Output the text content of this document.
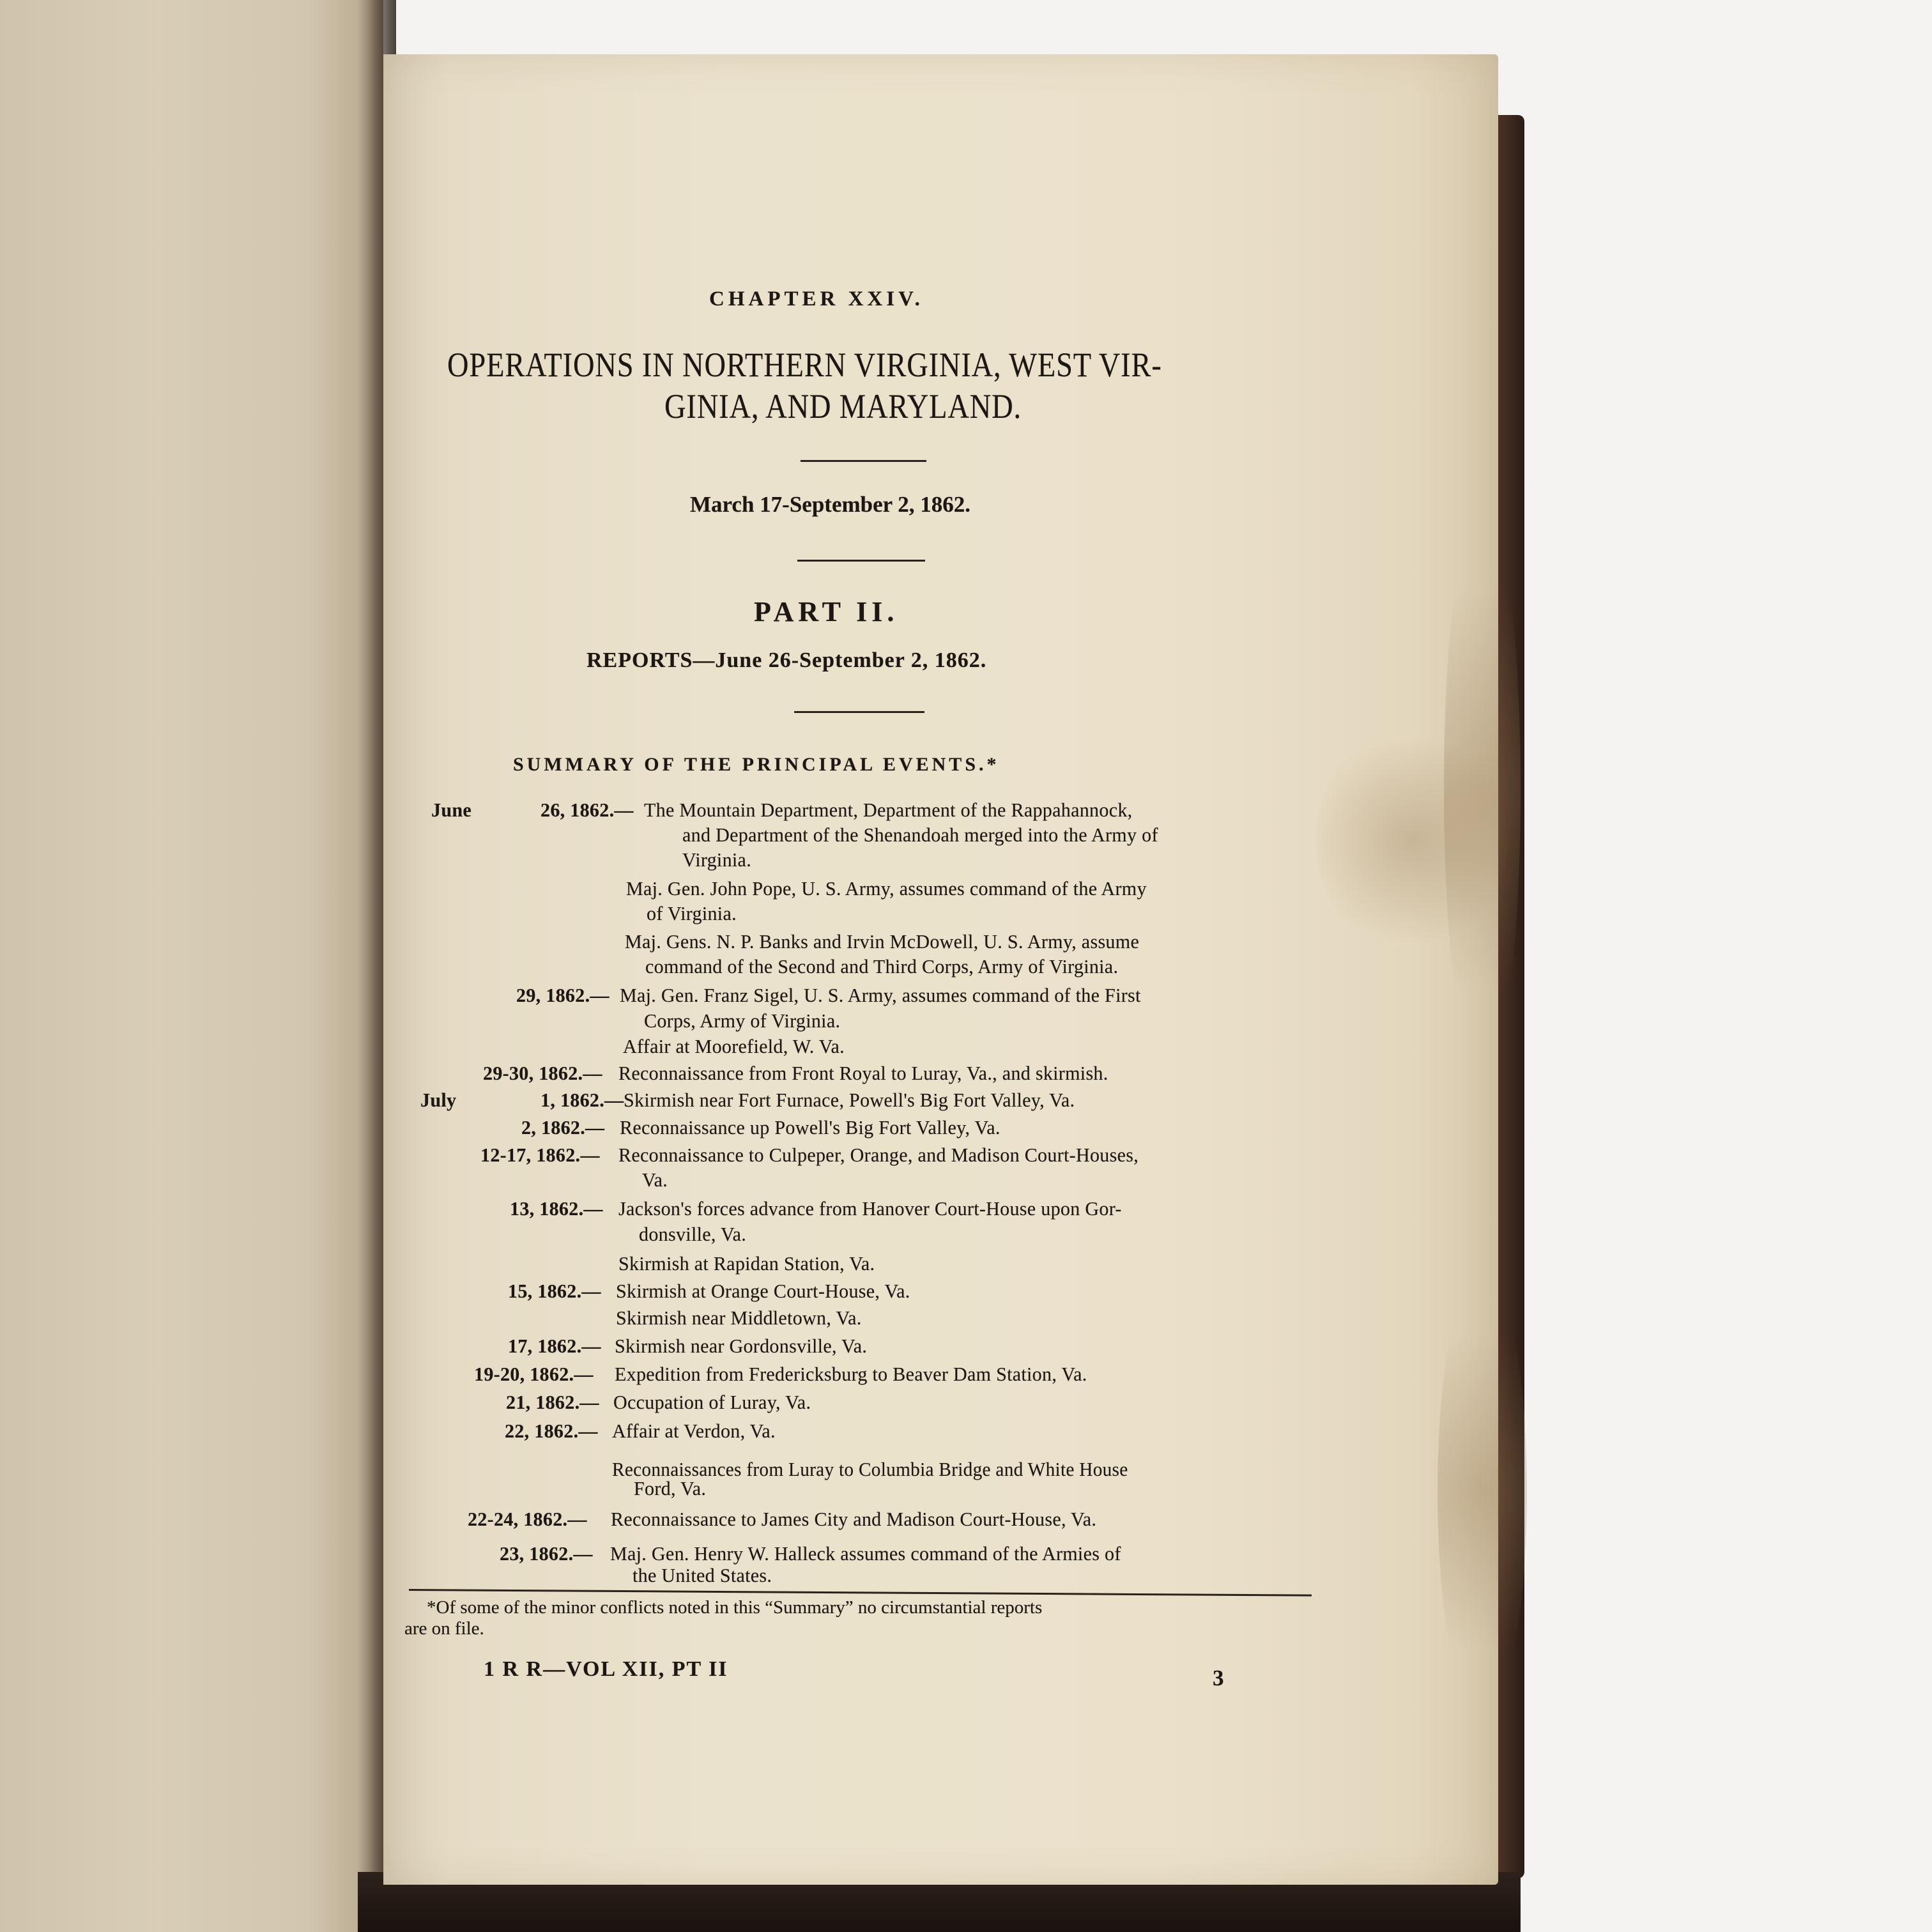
CHAPTER XXIV.
OPERATIONS IN NORTHERN VIRGINIA, WEST VIR-
GINIA, AND MARYLAND.
March 17-September 2, 1862.
PART II.
REPORTS—June 26-September 2, 1862.
SUMMARY OF THE PRINCIPAL EVENTS.*
June	26, 1862.— The Mountain Department, Department of the Rappahannock,
and Department of the Shenandoah merged into the Army of
Virginia.
Maj. Gen. John Pope, U. S. Army, assumes command of the Army
of Virginia.
Maj. Gens. N. P. Banks and Irvin McDowell, U. S. Army, assume
command of the Second and Third Corps, Army of Virginia.
29, 1862.— Maj. Gen. Franz Sigel, U. S. Army, assumes command of the First
Corps, Army of Virginia.
Affair at Moorefield, W. Va.
29-30, 1862.— Reconnaissance from Front Royal to Luray, Va., and skirmish.
July	1, 1862.— Skirmish near Fort Furnace, Powell's Big Fort Valley, Va.
2, 1862.— Reconnaissance up Powell's Big Fort Valley, Va.
12-17, 1862.— Reconnaissance to Culpeper, Orange, and Madison Court-Houses,
Va.
13, 1862.— Jackson's forces advance from Hanover Court-House upon Gor-
donsville, Va.
Skirmish at Rapidan Station, Va.
15, 1862.— Skirmish at Orange Court-House, Va.
Skirmish near Middletown, Va.
17, 1862.— Skirmish near Gordonsville, Va.
19-20, 1862.— Expedition from Fredericksburg to Beaver Dam Station, Va.
21, 1862.— Occupation of Luray, Va.
22, 1862.— Affair at Verdon, Va.
Reconnaissances from Luray to Columbia Bridge and White House
Ford, Va.
22-24, 1862.— Reconnaissance to James City and Madison Court-House, Va.
23, 1862.— Maj. Gen. Henry W. Halleck assumes command of the Armies of
the United States.
*Of some of the minor conflicts noted in this “Summary” no circumstantial reports
are on file.
1 R R—VOL XII, PT II	3
